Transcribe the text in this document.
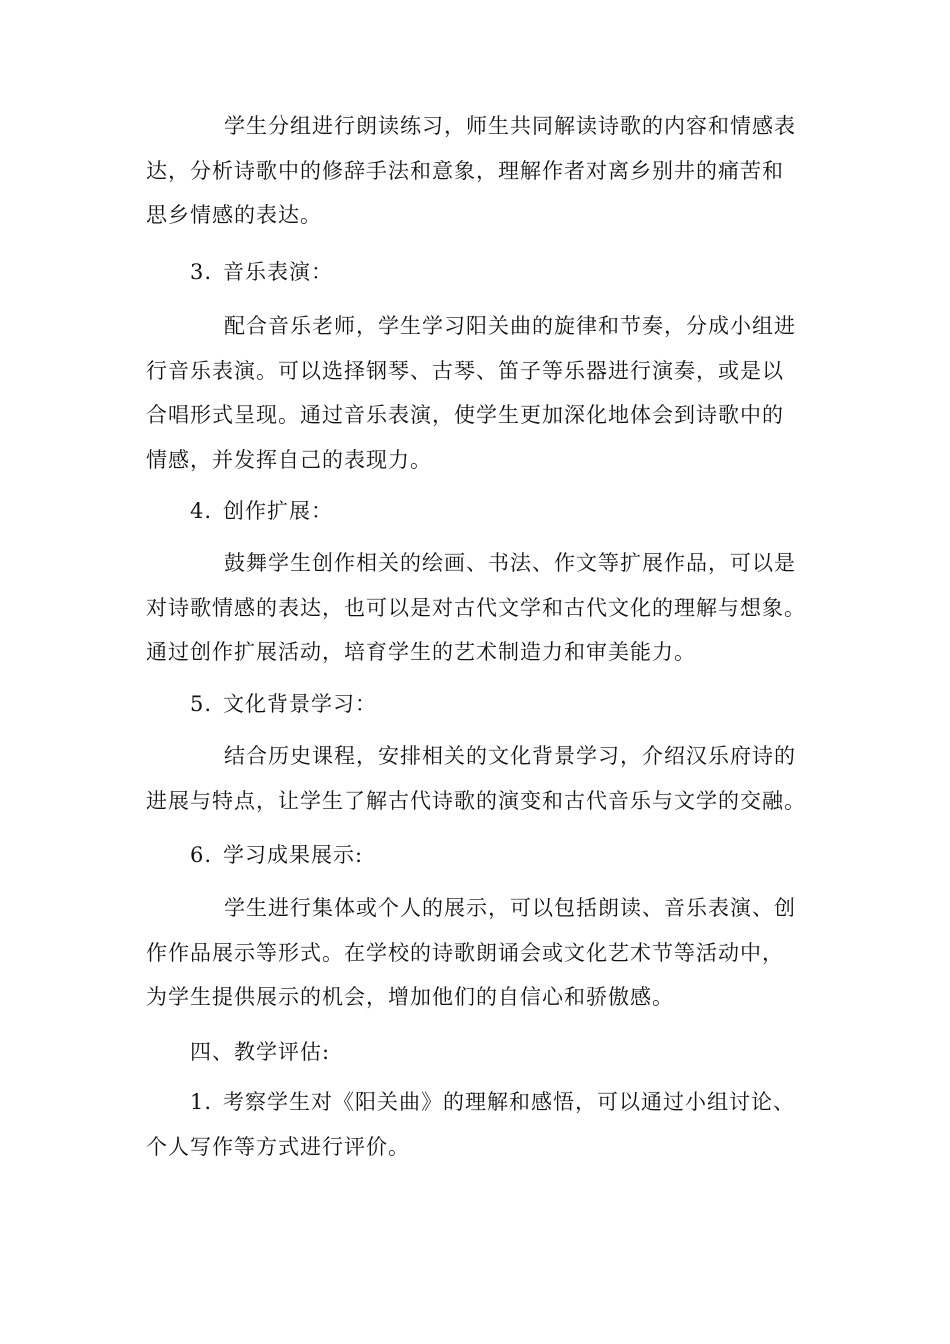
学生分组进行朗读练习，师生共同解读诗歌的内容和情感表
达，分析诗歌中的修辞手法和意象，理解作者对离乡别井的痛苦和
思乡情感的表达。

3. 音乐表演：

配合音乐老师，学生学习阳关曲的旋律和节奏，分成小组进
行音乐表演。可以选择钢琴、古琴、笛子等乐器进行演奏，或是以
合唱形式呈现。通过音乐表演，使学生更加深化地体会到诗歌中的
情感，并发挥自己的表现力。

4. 创作扩展：

鼓舞学生创作相关的绘画、书法、作文等扩展作品，可以是
对诗歌情感的表达，也可以是对古代文学和古代文化的理解与想象。
通过创作扩展活动，培育学生的艺术制造力和审美能力。

5. 文化背景学习：

结合历史课程，安排相关的文化背景学习，介绍汉乐府诗的
进展与特点，让学生了解古代诗歌的演变和古代音乐与文学的交融。

6. 学习成果展示:

学生进行集体或个人的展示，可以包括朗读、音乐表演、创
作作品展示等形式。在学校的诗歌朗诵会或文化艺术节等活动中，
为学生提供展示的机会，增加他们的自信心和骄傲感。

四、教学评估:

1. 考察学生对《阳关曲》的理解和感悟，可以通过小组讨论、
个人写作等方式进行评价。
